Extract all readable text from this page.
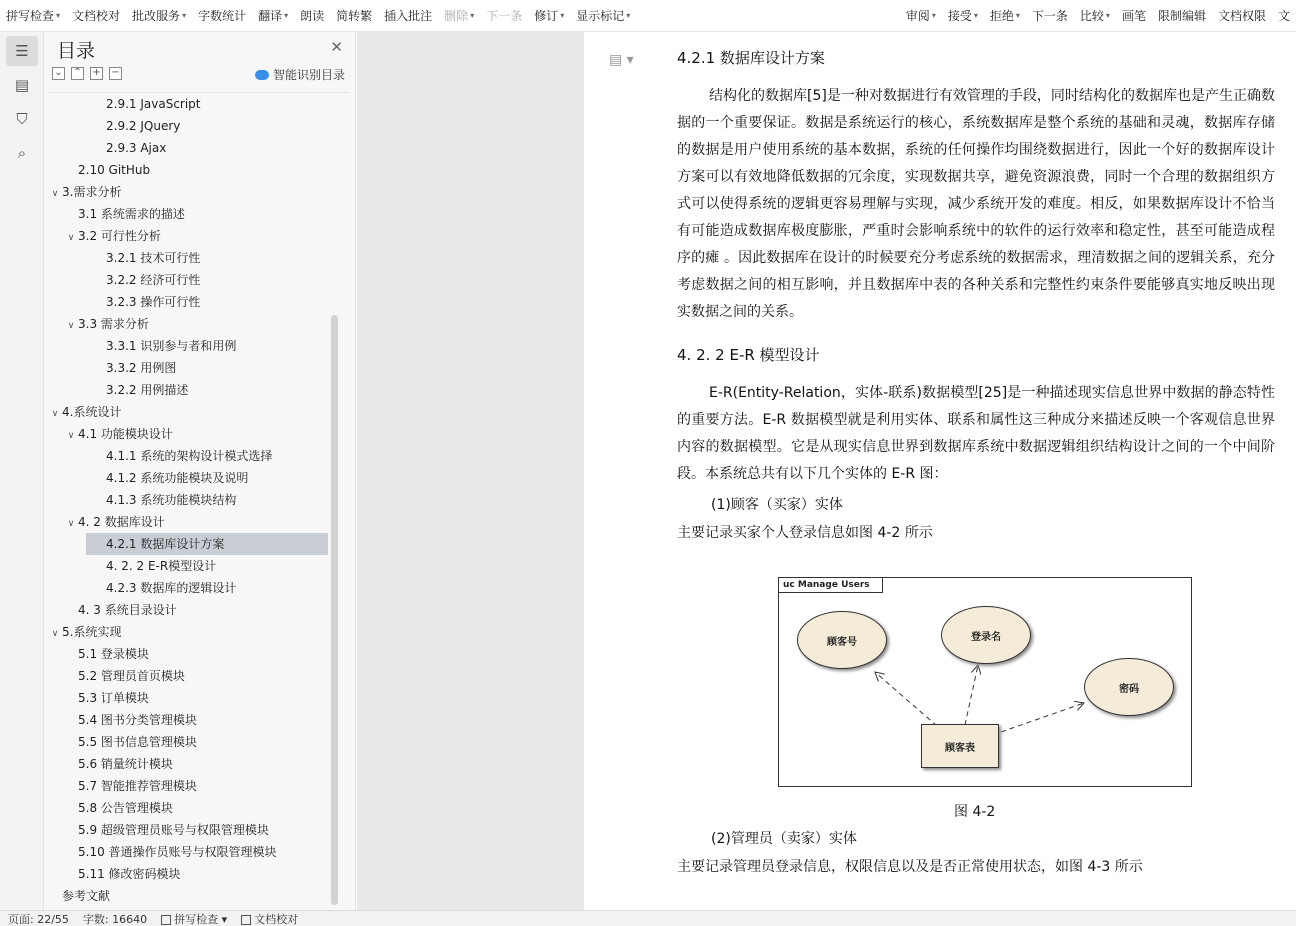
拼写检查 ▾ 文档校对 批改服务 ▾ 字数统计 翻译 ▾ 朗读 简转繁 插入批注 删除 ▾ 下一条 修订 ▾ 显示标记 ▾	审阅 ▾ 接受 ▾ 拒绝 ▾ 下一条 比较 ▾ 画笔 限制编辑 文档权限 文
☰
▤
⛉
⌕
目录	✕
⌄ ⌃ + −	智能识别目录
2.9.1 JavaScript
2.9.2 JQuery
2.9.3 Ajax
2.10 GitHub
∨ 3.需求分析
3.1 系统需求的描述
∨ 3.2 可行性分析
3.2.1 技术可行性
3.2.2 经济可行性
3.2.3 操作可行性
∨ 3.3 需求分析
3.3.1 识别参与者和用例
3.3.2 用例图
3.2.2 用例描述
∨ 4.系统设计
∨ 4.1 功能模块设计
4.1.1 系统的架构设计模式选择
4.1.2 系统功能模块及说明
4.1.3 系统功能模块结构
∨ 4. 2 数据库设计
4.2.1 数据库设计方案
4. 2. 2 E-R模型设计
4.2.3 数据库的逻辑设计
4. 3 系统目录设计
∨ 5.系统实现
5.1 登录模块
5.2 管理员首页模块
5.3 订单模块
5.4 图书分类管理模块
5.5 图书信息管理模块
5.6 销量统计模块
5.7 智能推荐管理模块
5.8 公告管理模块
5.9 超级管理员账号与权限管理模块
5.10 普通操作员账号与权限管理模块
5.11 修改密码模块
参考文献
▤ ▾	4.2.1 数据库设计方案
结构化的数据库[5]是一种对数据进行有效管理的手段，同时结构化的数据库也是产生正确数据的一个重要保证。数据是系统运行的核心，系统数据库是整个系统的基础和灵魂，数据库存储的数据是用户使用系统的基本数据，系统的任何操作均围绕数据进行，因此一个好的数据库设计方案可以有效地降低数据的冗余度，实现数据共享，避免资源浪费，同时一个合理的数据组织方式可以使得系统的逻辑更容易理解与实现，减少系统开发的难度。相反，如果数据库设计不恰当有可能造成数据库极度膨胀，严重时会影响系统中的软件的运行效率和稳定性，甚至可能造成程序的瘫 。因此数据库在设计的时候要充分考虑系统的数据需求，理清数据之间的逻辑关系，充分考虑数据之间的相互影响，并且数据库中表的各种关系和完整性约束条件要能够真实地反映出现实数据之间的关系。
4. 2. 2 E-R 模型设计
E-R(Entity-Relation，实体-联系)数据模型[25]是一种描述现实信息世界中数据的静态特性的重要方法。E-R 数据模型就是利用实体、联系和属性这三种成分来描述反映一个客观信息世界内容的数据模型。它是从现实信息世界到数据库系统中数据逻辑组织结构设计之间的一个中间阶段。本系统总共有以下几个实体的 E-R 图：
(1)顾客（买家）实体
主要记录买家个人登录信息如图 4-2 所示
uc Manage Users
顾客号	登录名
密码
顾客表
图 4-2
(2)管理员（卖家）实体
主要记录管理员登录信息，权限信息以及是否正常使用状态，如图 4-3 所示
页面: 22/55 字数: 16640	拼写检查 ▾	文档校对
